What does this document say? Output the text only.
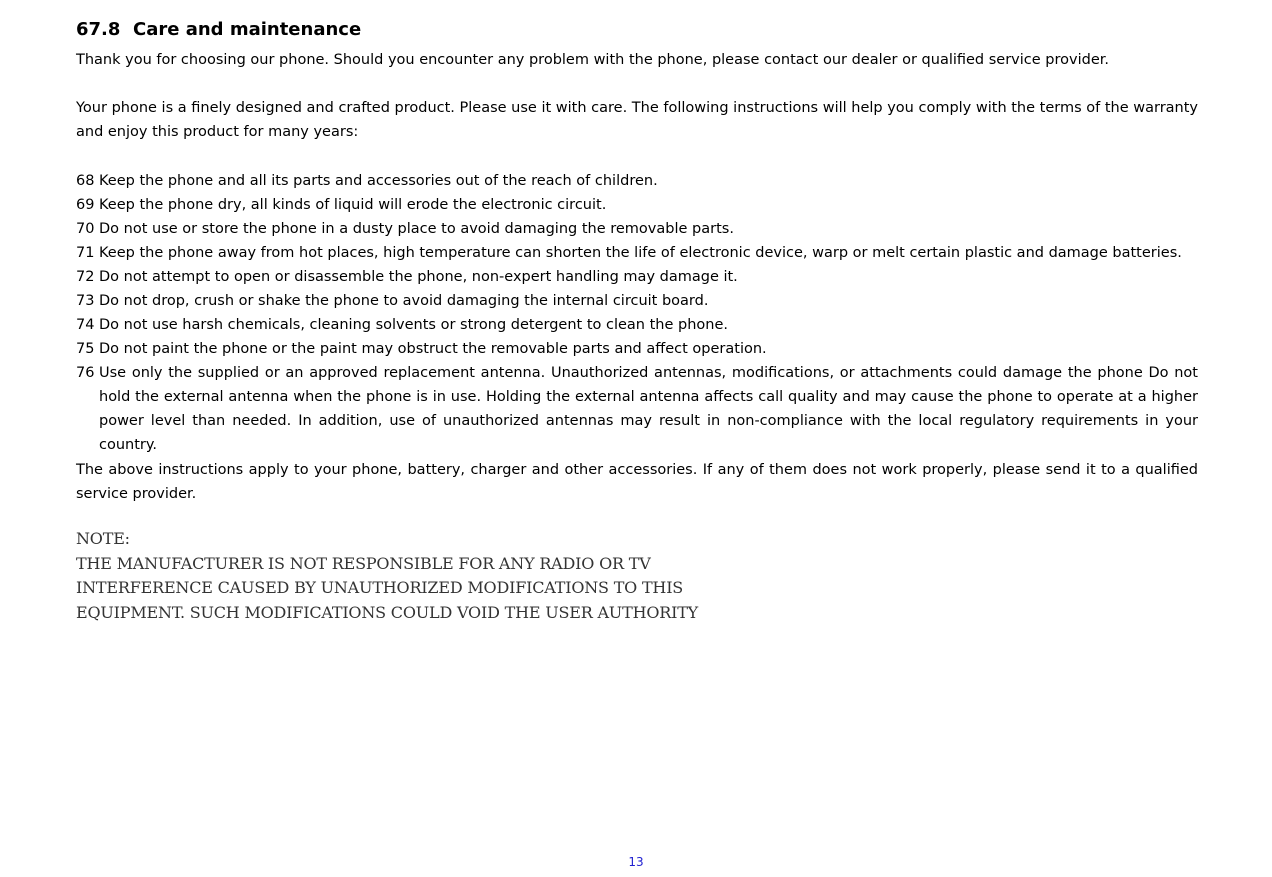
67.8 Care and maintenance

Thank you for choosing our phone. Should you encounter any problem with the phone, please contact our dealer or qualified service provider.

Your phone is a finely designed and crafted product. Please use it with care. The following instructions will help you comply with the terms of the warranty and enjoy this product for many years:

68 Keep the phone and all its parts and accessories out of the reach of children.
69 Keep the phone dry, all kinds of liquid will erode the electronic circuit.
70 Do not use or store the phone in a dusty place to avoid damaging the removable parts.
71 Keep the phone away from hot places, high temperature can shorten the life of electronic device, warp or melt certain plastic and damage batteries.
72 Do not attempt to open or disassemble the phone, non-expert handling may damage it.
73 Do not drop, crush or shake the phone to avoid damaging the internal circuit board.
74 Do not use harsh chemicals, cleaning solvents or strong detergent to clean the phone.
75 Do not paint the phone or the paint may obstruct the removable parts and affect operation.
76 Use only the supplied or an approved replacement antenna. Unauthorized antennas, modifications, or attachments could damage the phone Do not hold the external antenna when the phone is in use. Holding the external antenna affects call quality and may cause the phone to operate at a higher power level than needed. In addition, use of unauthorized antennas may result in non-compliance with the local regulatory requirements in your country.

The above instructions apply to your phone, battery, charger and other accessories. If any of them does not work properly, please send it to a qualified service provider.

NOTE:
THE MANUFACTURER IS NOT RESPONSIBLE FOR ANY RADIO OR TV
INTERFERENCE CAUSED BY UNAUTHORIZED MODIFICATIONS TO THIS
EQUIPMENT. SUCH MODIFICATIONS COULD VOID THE USER AUTHORITY
13
